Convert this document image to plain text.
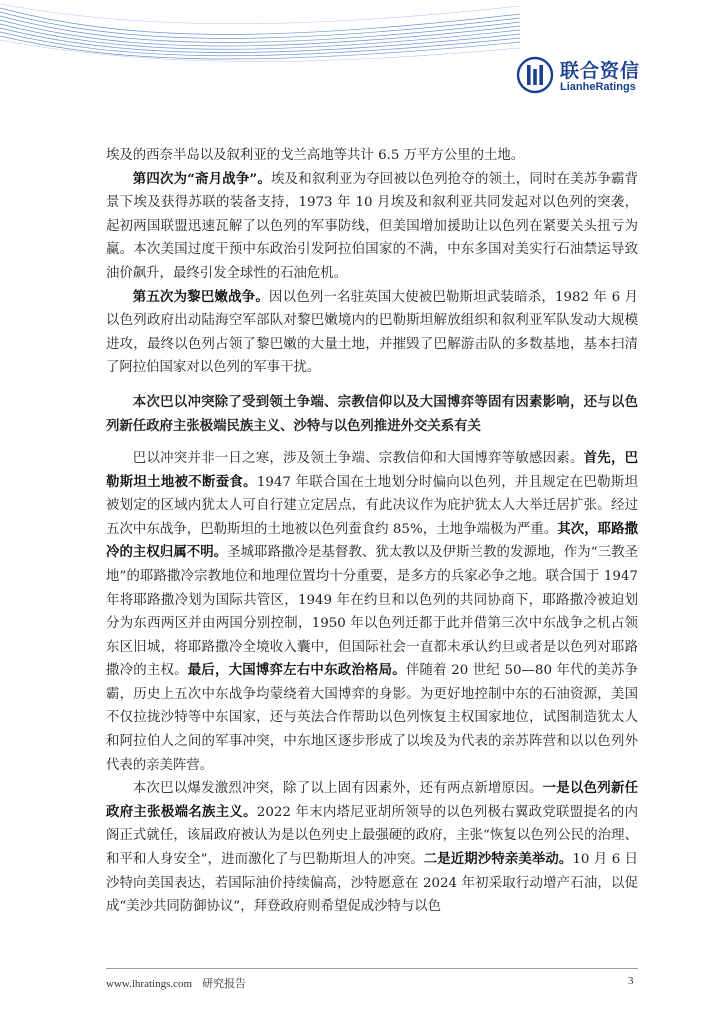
联合资信
LianheRatings

埃及的西奈半岛以及叙利亚的戈兰高地等共计 6.5 万平方公里的土地。

第四次为“斋月战争”。埃及和叙利亚为夺回被以色列抢夺的领土，同时在美苏争霸背景下埃及获得苏联的装备支持，1973 年 10 月埃及和叙利亚共同发起对以色列的突袭，起初两国联盟迅速瓦解了以色列的军事防线，但美国增加援助让以色列在紧要关头扭亏为赢。本次美国过度干预中东政治引发阿拉伯国家的不满，中东多国对美实行石油禁运导致油价飙升，最终引发全球性的石油危机。

第五次为黎巴嫩战争。因以色列一名驻英国大使被巴勒斯坦武装暗杀，1982 年 6 月以色列政府出动陆海空军部队对黎巴嫩境内的巴勒斯坦解放组织和叙利亚军队发动大规模进攻，最终以色列占领了黎巴嫩的大量土地，并摧毁了巴解游击队的多数基地，基本扫清了阿拉伯国家对以色列的军事干扰。

本次巴以冲突除了受到领土争端、宗教信仰以及大国博弈等固有因素影响，还与以色列新任政府主张极端民族主义、沙特与以色列推进外交关系有关

巴以冲突并非一日之寒，涉及领土争端、宗教信仰和大国博弈等敏感因素。首先，巴勒斯坦土地被不断蚕食。1947 年联合国在土地划分时偏向以色列，并且规定在巴勒斯坦被划定的区域内犹太人可自行建立定居点，有此决议作为庇护犹太人大举迁居扩张。经过五次中东战争，巴勒斯坦的土地被以色列蚕食约 85%，土地争端极为严重。其次，耶路撒冷的主权归属不明。圣城耶路撒冷是基督教、犹太教以及伊斯兰教的发源地，作为“三教圣地”的耶路撒冷宗教地位和地理位置均十分重要，是多方的兵家必争之地。联合国于 1947 年将耶路撒冷划为国际共管区，1949 年在约旦和以色列的共同协商下，耶路撒冷被迫划分为东西两区并由两国分别控制，1950 年以色列迁都于此并借第三次中东战争之机占领东区旧城，将耶路撒冷全境收入囊中，但国际社会一直都未承认约旦或者是以色列对耶路撒冷的主权。最后，大国博弈左右中东政治格局。伴随着 20 世纪 50—80 年代的美苏争霸，历史上五次中东战争均蒙绕着大国博弈的身影。为更好地控制中东的石油资源，美国不仅拉拢沙特等中东国家，还与英法合作帮助以色列恢复主权国家地位，试图制造犹太人和阿拉伯人之间的军事冲突，中东地区逐步形成了以埃及为代表的亲苏阵营和以以色列外代表的亲美阵营。

本次巴以爆发激烈冲突，除了以上固有因素外，还有两点新增原因。一是以色列新任政府主张极端名族主义。2022 年末内塔尼亚胡所领导的以色列极右翼政党联盟提名的内阁正式就任，该届政府被认为是以色列史上最强硬的政府，主张“恢复以色列公民的治理、和平和人身安全”，进而激化了与巴勒斯坦人的冲突。二是近期沙特亲美举动。10 月 6 日沙特向美国表达，若国际油价持续偏高，沙特愿意在 2024 年初采取行动增产石油，以促成“美沙共同防御协议”，拜登政府则希望促成沙特与以色

www.lhratings.com 研究报告	3
